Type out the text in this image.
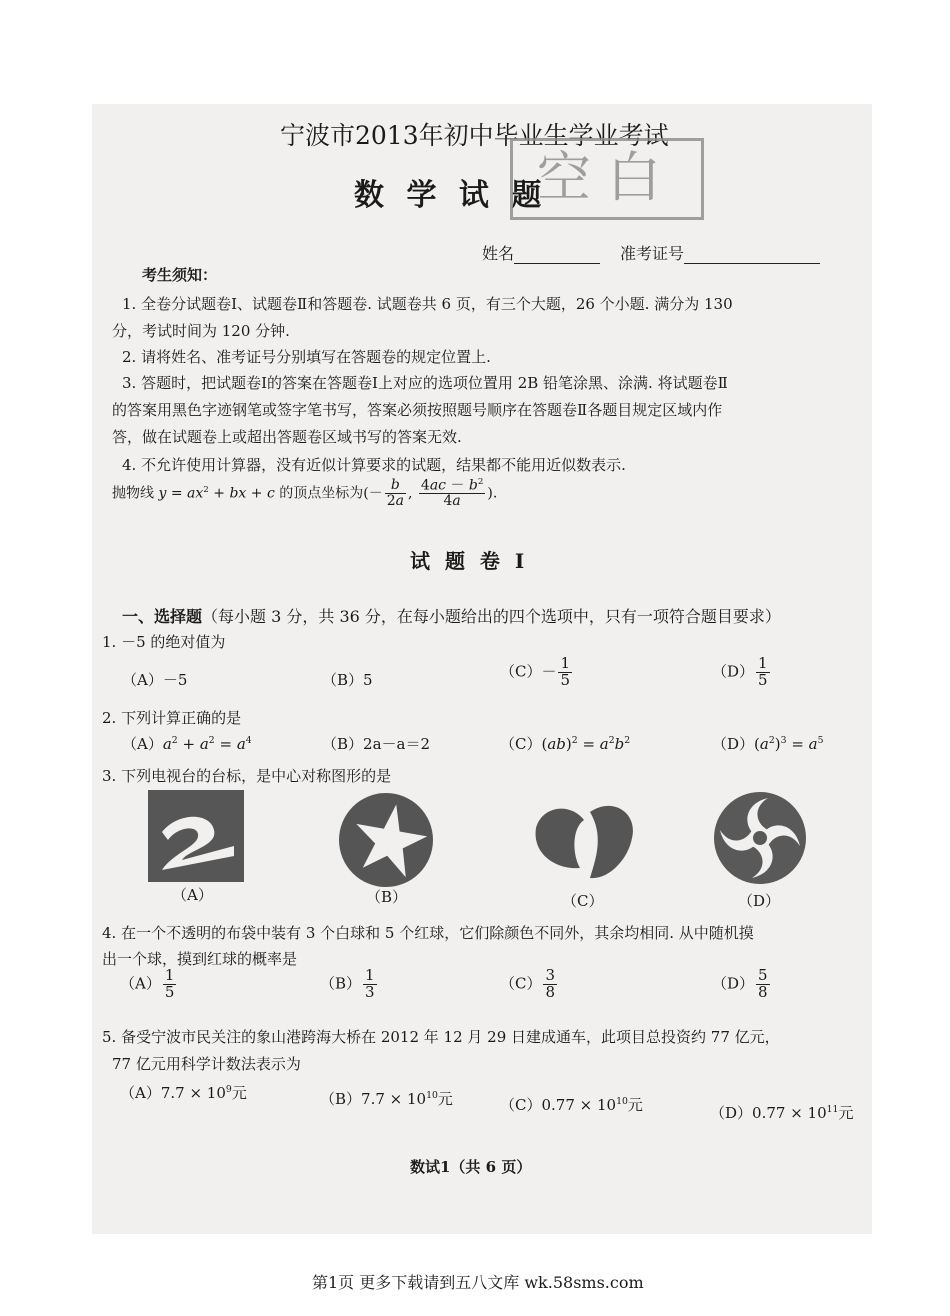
宁波市2013年初中毕业生学业考试
数 学 试 题
空白
姓名	准考证号
考生须知：
1. 全卷分试题卷Ⅰ、试题卷Ⅱ和答题卷. 试题卷共 6 页，有三个大题，26 个小题. 满分为 130
分，考试时间为 120 分钟.
2. 请将姓名、准考证号分别填写在答题卷的规定位置上.
3. 答题时，把试题卷Ⅰ的答案在答题卷Ⅰ上对应的选项位置用 2B 铅笔涂黑、涂满. 将试题卷Ⅱ
的答案用黑色字迹钢笔或签字笔书写，答案必须按照题号顺序在答题卷Ⅱ各题目规定区域内作
答，做在试题卷上或超出答题卷区域书写的答案无效.
4. 不允许使用计算器，没有近似计算要求的试题，结果都不能用近似数表示.
抛物线 $y = ax^2$ + bx + c 的顶点坐标为(－ $\frac{b}{2a}$ , $\frac{4ac - b^2}{4a}$ ).
试 题 卷 Ⅰ
一、选择题（每小题 3 分，共 36 分，在每小题给出的四个选项中，只有一项符合题目要求）
1. －5 的绝对值为
（A）－5	（B）5	$(C)- \frac{1}{5}$	$(D) \frac{1}{5}$
2. 下列计算正确的是
$(A)a^2 + a^2 = a^4$	（B）2a－a＝2	$(C)(ab)^2 = a^2b^2$	$(D)(a^2)^3 = a^5$
3. 下列电视台的台标，是中心对称图形的是
（A）	（B）	（C）	（D）
4. 在一个不透明的布袋中装有 3 个白球和 5 个红球，它们除颜色不同外，其余均相同. 从中随机摸
出一个球，摸到红球的概率是
$(A) \frac{1}{5}$	$(B) \frac{1}{3}$	$(C) \frac{3}{8}$	$(D) \frac{5}{8}$
5. 备受宁波市民关注的象山港跨海大桥在 2012 年 12 月 29 日建成通车，此项目总投资约 77 亿元，
77 亿元用科学计数法表示为
$(A)7.7 \times 10^9$元	$(B)7.7 \times 10^{10}$元	$(C)0.77 \times 10^{10}$元	$(D)0.77 \times 10^{11}$元
数试1（共 6 页）
第1页 更多下载请到五八文库 wk.58sms.com
